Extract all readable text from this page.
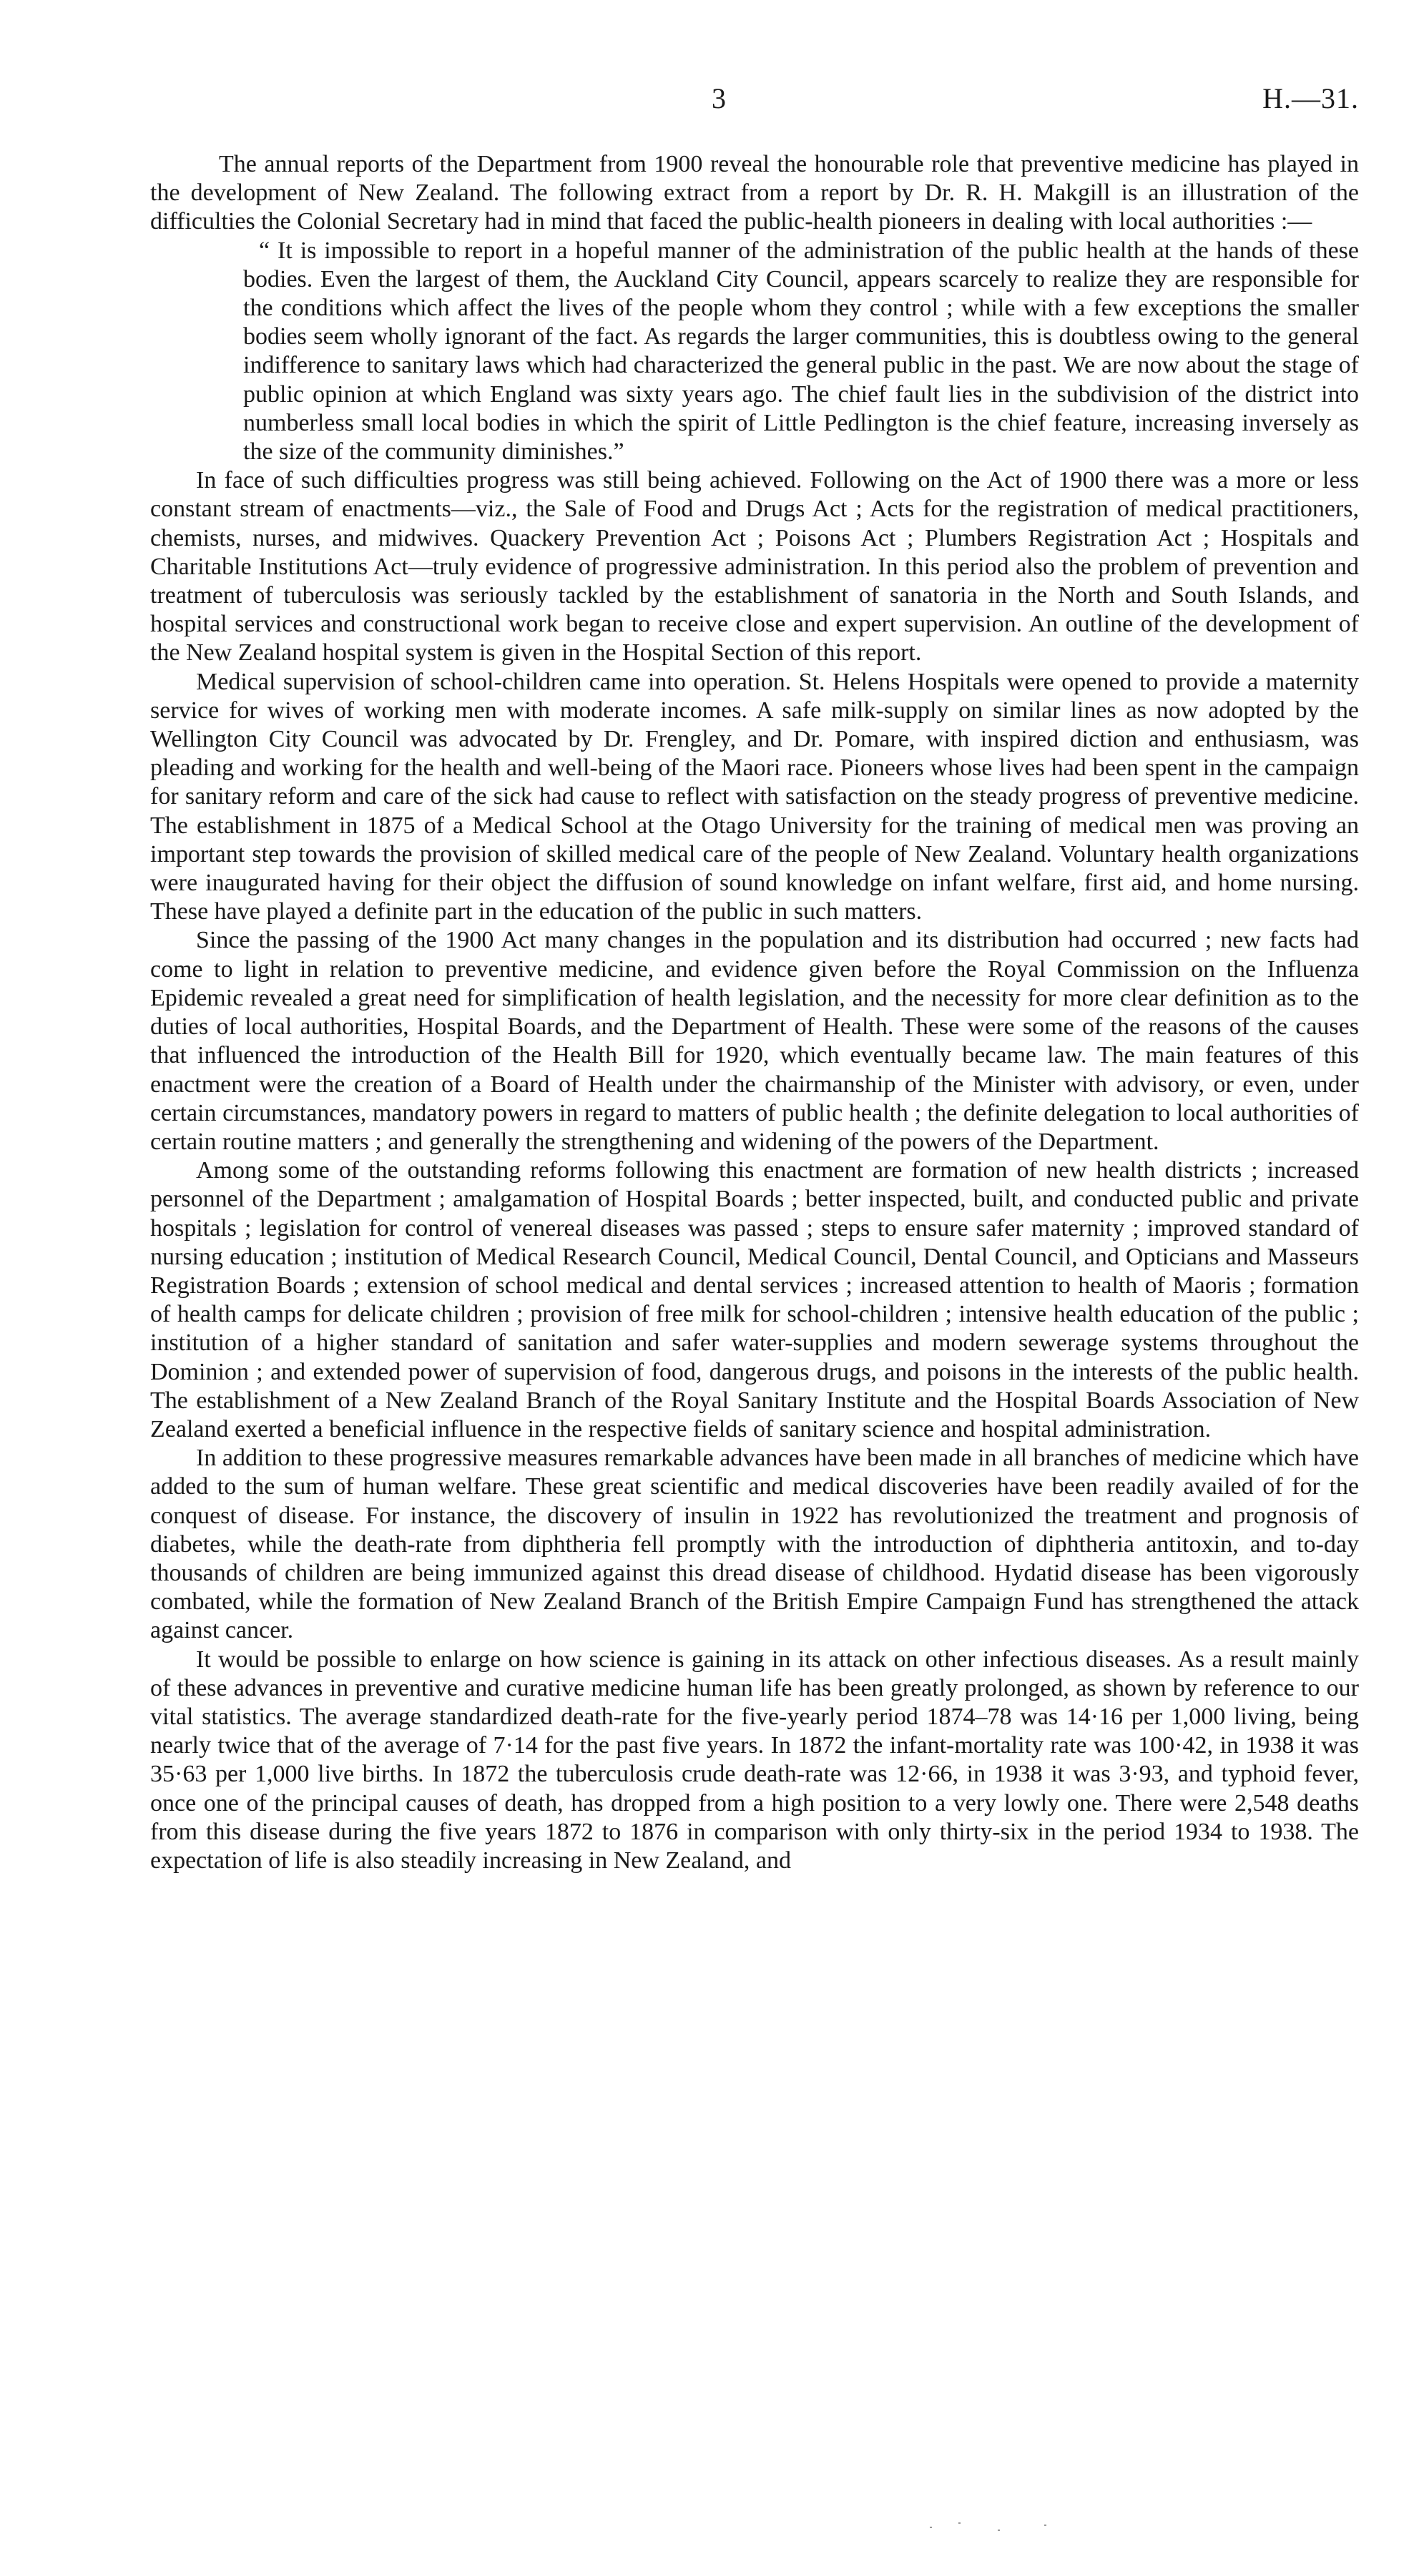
3	H.—31.

The annual reports of the Department from 1900 reveal the honourable role that preventive medicine has played in the development of New Zealand. The following extract from a report by Dr. R. H. Makgill is an illustration of the difficulties the Colonial Secretary had in mind that faced the public-health pioneers in dealing with local authorities :—

“ It is impossible to report in a hopeful manner of the administration of the public health at the hands of these bodies. Even the largest of them, the Auckland City Council, appears scarcely to realize they are responsible for the conditions which affect the lives of the people whom they control ; while with a few exceptions the smaller bodies seem wholly ignorant of the fact. As regards the larger communities, this is doubtless owing to the general indifference to sanitary laws which had characterized the general public in the past. We are now about the stage of public opinion at which England was sixty years ago. The chief fault lies in the subdivision of the district into numberless small local bodies in which the spirit of Little Pedlington is the chief feature, increasing inversely as the size of the community diminishes.”

In face of such difficulties progress was still being achieved. Following on the Act of 1900 there was a more or less constant stream of enactments—viz., the Sale of Food and Drugs Act ; Acts for the registration of medical practitioners, chemists, nurses, and midwives. Quackery Prevention Act ; Poisons Act ; Plumbers Registration Act ; Hospitals and Charitable Institutions Act—truly evidence of progressive administration. In this period also the problem of prevention and treatment of tuberculosis was seriously tackled by the establishment of sanatoria in the North and South Islands, and hospital services and constructional work began to receive close and expert supervision. An outline of the development of the New Zealand hospital system is given in the Hospital Section of this report.

Medical supervision of school-children came into operation. St. Helens Hospitals were opened to provide a maternity service for wives of working men with moderate incomes. A safe milk-supply on similar lines as now adopted by the Wellington City Council was advocated by Dr. Frengley, and Dr. Pomare, with inspired diction and enthusiasm, was pleading and working for the health and well-being of the Maori race. Pioneers whose lives had been spent in the campaign for sanitary reform and care of the sick had cause to reflect with satisfaction on the steady progress of preventive medicine. The establishment in 1875 of a Medical School at the Otago University for the training of medical men was proving an important step towards the provision of skilled medical care of the people of New Zealand. Voluntary health organizations were inaugurated having for their object the diffusion of sound knowledge on infant welfare, first aid, and home nursing. These have played a definite part in the education of the public in such matters.

Since the passing of the 1900 Act many changes in the population and its distribution had occurred ; new facts had come to light in relation to preventive medicine, and evidence given before the Royal Commission on the Influenza Epidemic revealed a great need for simplification of health legislation, and the necessity for more clear definition as to the duties of local authorities, Hospital Boards, and the Department of Health. These were some of the reasons of the causes that influenced the introduction of the Health Bill for 1920, which eventually became law. The main features of this enactment were the creation of a Board of Health under the chairmanship of the Minister with advisory, or even, under certain circumstances, mandatory powers in regard to matters of public health ; the definite delegation to local authorities of certain routine matters ; and generally the strengthening and widening of the powers of the Department.

Among some of the outstanding reforms following this enactment are formation of new health districts ; increased personnel of the Department ; amalgamation of Hospital Boards ; better inspected, built, and conducted public and private hospitals ; legislation for control of venereal diseases was passed ; steps to ensure safer maternity ; improved standard of nursing education ; institution of Medical Research Council, Medical Council, Dental Council, and Opticians and Masseurs Registration Boards ; extension of school medical and dental services ; increased attention to health of Maoris ; formation of health camps for delicate children ; provision of free milk for school-children ; intensive health education of the public ; institution of a higher standard of sanitation and safer water-supplies and modern sewerage systems throughout the Dominion ; and extended power of supervision of food, dangerous drugs, and poisons in the interests of the public health. The establishment of a New Zealand Branch of the Royal Sanitary Institute and the Hospital Boards Association of New Zealand exerted a beneficial influence in the respective fields of sanitary science and hospital administration.

In addition to these progressive measures remarkable advances have been made in all branches of medicine which have added to the sum of human welfare. These great scientific and medical discoveries have been readily availed of for the conquest of disease. For instance, the discovery of insulin in 1922 has revolutionized the treatment and prognosis of diabetes, while the death-rate from diphtheria fell promptly with the introduction of diphtheria antitoxin, and to-day thousands of children are being immunized against this dread disease of childhood. Hydatid disease has been vigorously combated, while the formation of New Zealand Branch of the British Empire Campaign Fund has strengthened the attack against cancer.

It would be possible to enlarge on how science is gaining in its attack on other infectious diseases. As a result mainly of these advances in preventive and curative medicine human life has been greatly prolonged, as shown by reference to our vital statistics. The average standardized death-rate for the five-yearly period 1874–78 was 14·16 per 1,000 living, being nearly twice that of the average of 7·14 for the past five years. In 1872 the infant-mortality rate was 100·42, in 1938 it was 35·63 per 1,000 live births. In 1872 the tuberculosis crude death-rate was 12·66, in 1938 it was 3·93, and typhoid fever, once one of the principal causes of death, has dropped from a high position to a very lowly one. There were 2,548 deaths from this disease during the five years 1872 to 1876 in comparison with only thirty-six in the period 1934 to 1938. The expectation of life is also steadily increasing in New Zealand, and
